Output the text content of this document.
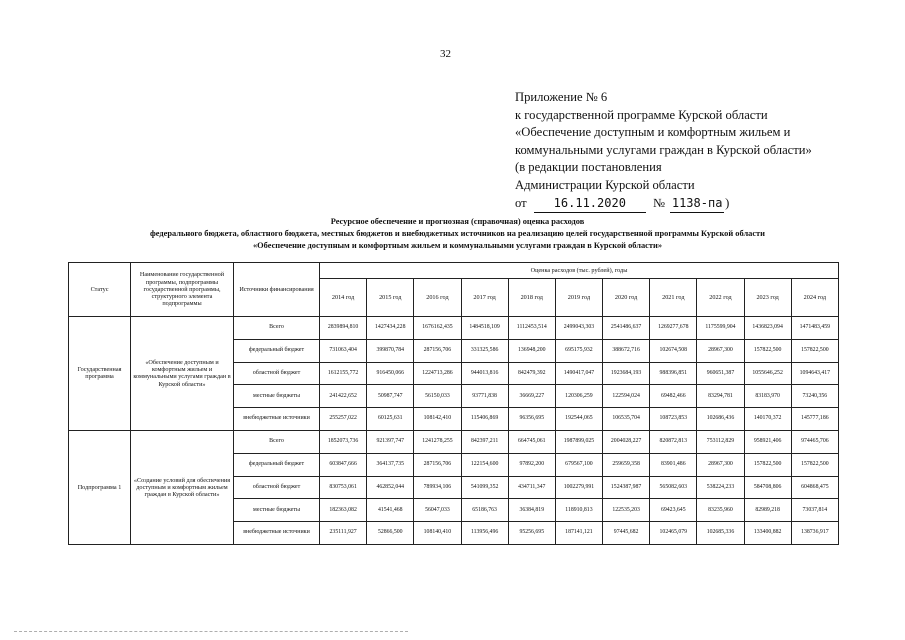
32
Приложение № 6
к государственной программе Курской области
«Обеспечение доступным и комфортным жильем и
коммунальными услугами граждан в Курской области»
(в редакции постановления
Администрации Курской области
от 16.11.2020 № 1138-па )
Ресурсное обеспечение и прогнозная (справочная) оценка расходов
федерального бюджета, областного бюджета, местных бюджетов и внебюджетных источников на реализацию целей государственной программы Курской области
«Обеспечение доступным и комфортным жильем и коммунальными услугами граждан в Курской области»
Статус	Наименование государственной программы, подпрограммы государственной программы, структурного элемента подпрограммы	Источники финансирования	Оценка расходов (тыс. рублей), годы										
			2014 год	2015 год	2016 год	2017 год	2018 год	2019 год	2020 год	2021 год	2022 год	2023 год	2024 год
Государственная программа	«Обеспечение доступным и комфортным жильем и коммунальными услугами граждан в Курской области»	Всего	2839894,810	1427434,228	1676162,435	1484518,109	1112453,514	2499043,303	2541486,637	1269277,678	1175599,904	1436823,094	1471483,459
		федеральный бюджет	731063,404	399870,784	287156,706	331325,586	136948,200	695175,932	388672,716	102674,508	28967,300	157822,500	157822,500
		областной бюджет	1612155,772	916450,066	1224713,286	944013,816	842479,392	1490417,047	1923684,193	988396,851	960651,387	1055646,252	1094643,417
		местные бюджеты	241422,652	50987,747	56150,033	93771,838	36669,227	120306,259	122594,024	69482,466	83294,781	83183,970	73240,356
		внебюджетные источники	255257,022	60125,631	108142,410	115406,869	96356,695	192544,065	106535,704	108723,853	102686,436	140170,372	145777,186
Подпрограмма 1	«Создание условий для обеспечения доступным и комфортным жильем граждан в Курской области»	Всего	1852073,736	921397,747	1241278,255	842397,211	664745,061	1987899,025	2004028,227	820872,813	753112,829	958921,406	974465,706
		федеральный бюджет	603847,666	364137,735	287156,706	122154,600	97892,200	679567,100	259659,358	83901,486	28967,300	157822,500	157822,500
		областной бюджет	830753,061	462852,044	789934,106	541099,352	434711,347	1002279,991	1524387,987	565082,603	538224,233	584708,806	604868,475
		местные бюджеты	182363,082	41541,468	56047,033	65186,763	36384,819	118910,813	122535,203	69423,645	83235,960	82989,218	73037,814
		внебюджетные источники	235111,927	52866,500	108140,410	113956,496	95256,695	187141,121	97445,682	102465,079	102685,336	133400,882	138736,917
